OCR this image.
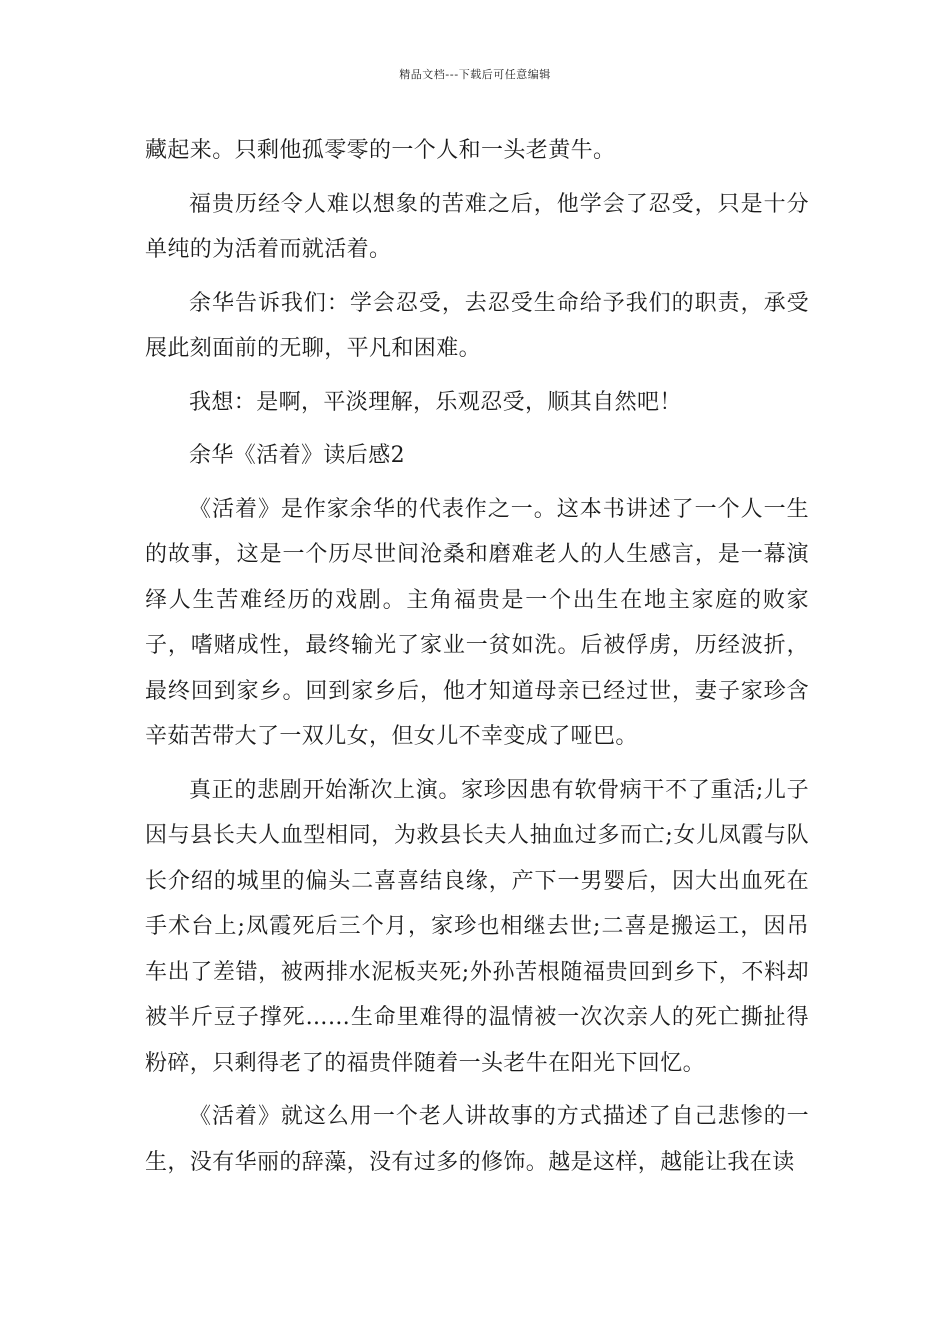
精品文档---下载后可任意编辑

藏起来。只剩他孤零零的一个人和一头老黄牛。

福贵历经令人难以想象的苦难之后，他学会了忍受，只是十分单纯的为活着而就活着。

余华告诉我们：学会忍受，去忍受生命给予我们的职责，承受展此刻面前的无聊，平凡和困难。

我想：是啊，平淡理解，乐观忍受，顺其自然吧！

余华《活着》读后感2

《活着》是作家余华的代表作之一。这本书讲述了一个人一生的故事，这是一个历尽世间沧桑和磨难老人的人生感言，是一幕演绎人生苦难经历的戏剧。主角福贵是一个出生在地主家庭的败家子，嗜赌成性，最终输光了家业一贫如洗。后被俘虏，历经波折，最终回到家乡。回到家乡后，他才知道母亲已经过世，妻子家珍含辛茹苦带大了一双儿女，但女儿不幸变成了哑巴。

真正的悲剧开始渐次上演。家珍因患有软骨病干不了重活;儿子因与县长夫人血型相同，为救县长夫人抽血过多而亡;女儿凤霞与队长介绍的城里的偏头二喜喜结良缘，产下一男婴后，因大出血死在手术台上;凤霞死后三个月，家珍也相继去世;二喜是搬运工，因吊车出了差错，被两排水泥板夹死;外孙苦根随福贵回到乡下，不料却被半斤豆子撑死……生命里难得的温情被一次次亲人的死亡撕扯得粉碎，只剩得老了的福贵伴随着一头老牛在阳光下回忆。

《活着》就这么用一个老人讲故事的方式描述了自己悲惨的一生，没有华丽的辞藻，没有过多的修饰。越是这样，越能让我在读
